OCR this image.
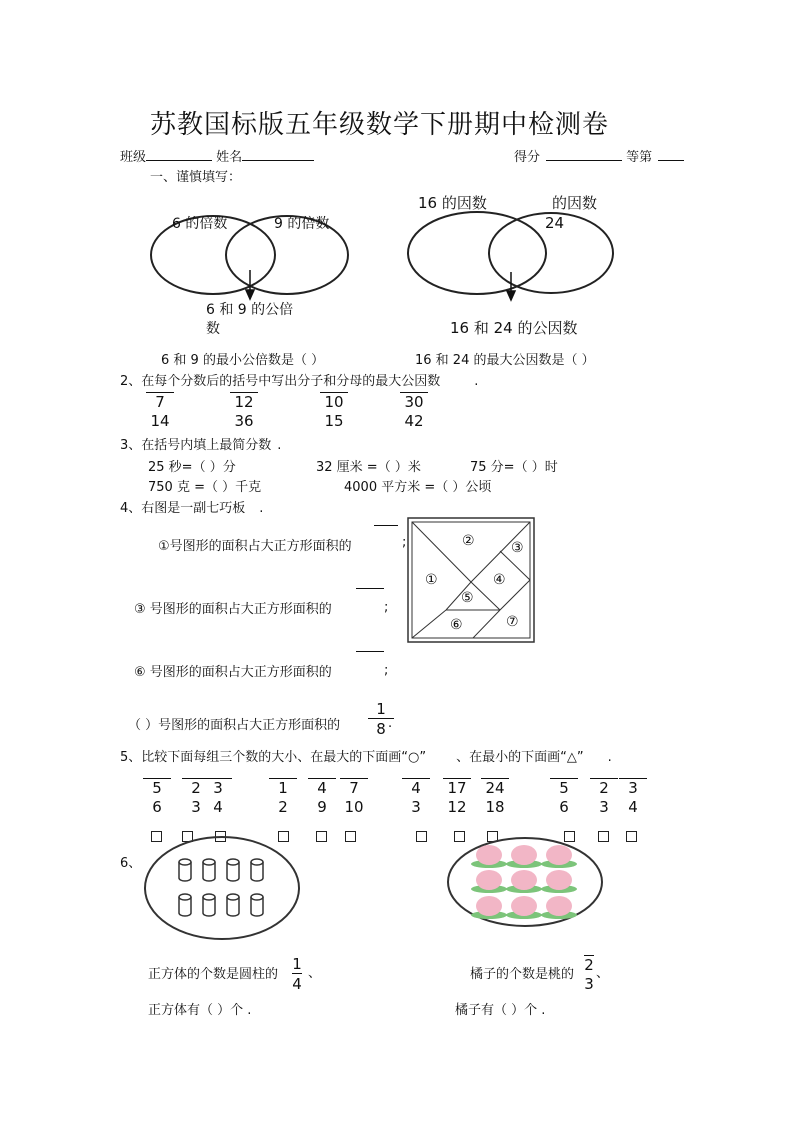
苏教国标版五年级数学下册期中检测卷
班级	姓名	得分	等第
一、谨慎填写：
6 的倍数	9 的倍数
6 和 9 的公倍
数
16 的因数	的因数
24
16 和 24 的公因数
6 和 9 的最小公倍数是（ ）	16 和 24 的最大公因数是（ ）
2、在每个分数后的括号中写出分子和分母的最大公因数	.
7
14
12
36
10
15
30
42
3、在括号内填上最简分数 .
25 秒=（ ）分	32 厘米 =（ ）米	75 分=（ ）时
750 克 =（ ）千克	4000 平方米 =（ ）公顷
4、右图是一副七巧板 .
①号图形的面积占大正方形面积的	;
③ 号图形的面积占大正方形面积的	;
⑥ 号图形的面积占大正方形面积的	;
（ ）号图形的面积占大正方形面积的 $\frac{1}{8}$
.
②	③
①	④
⑤
⑥	⑦
5、比较下面每组三个数的大小、在最大的下面画“○” 、在最小的下面画“△” .
5
6
2
3
3
4
1
2
4
9
7
10
4
3
17
12
24
18
5
6
2
3
3
4
6、
正方体的个数是圆柱的 $\frac{1}{4}$ 、
正方体有（ ）个 .
橘子的个数是桃的
2
3
、
橘子有（ ）个 .
